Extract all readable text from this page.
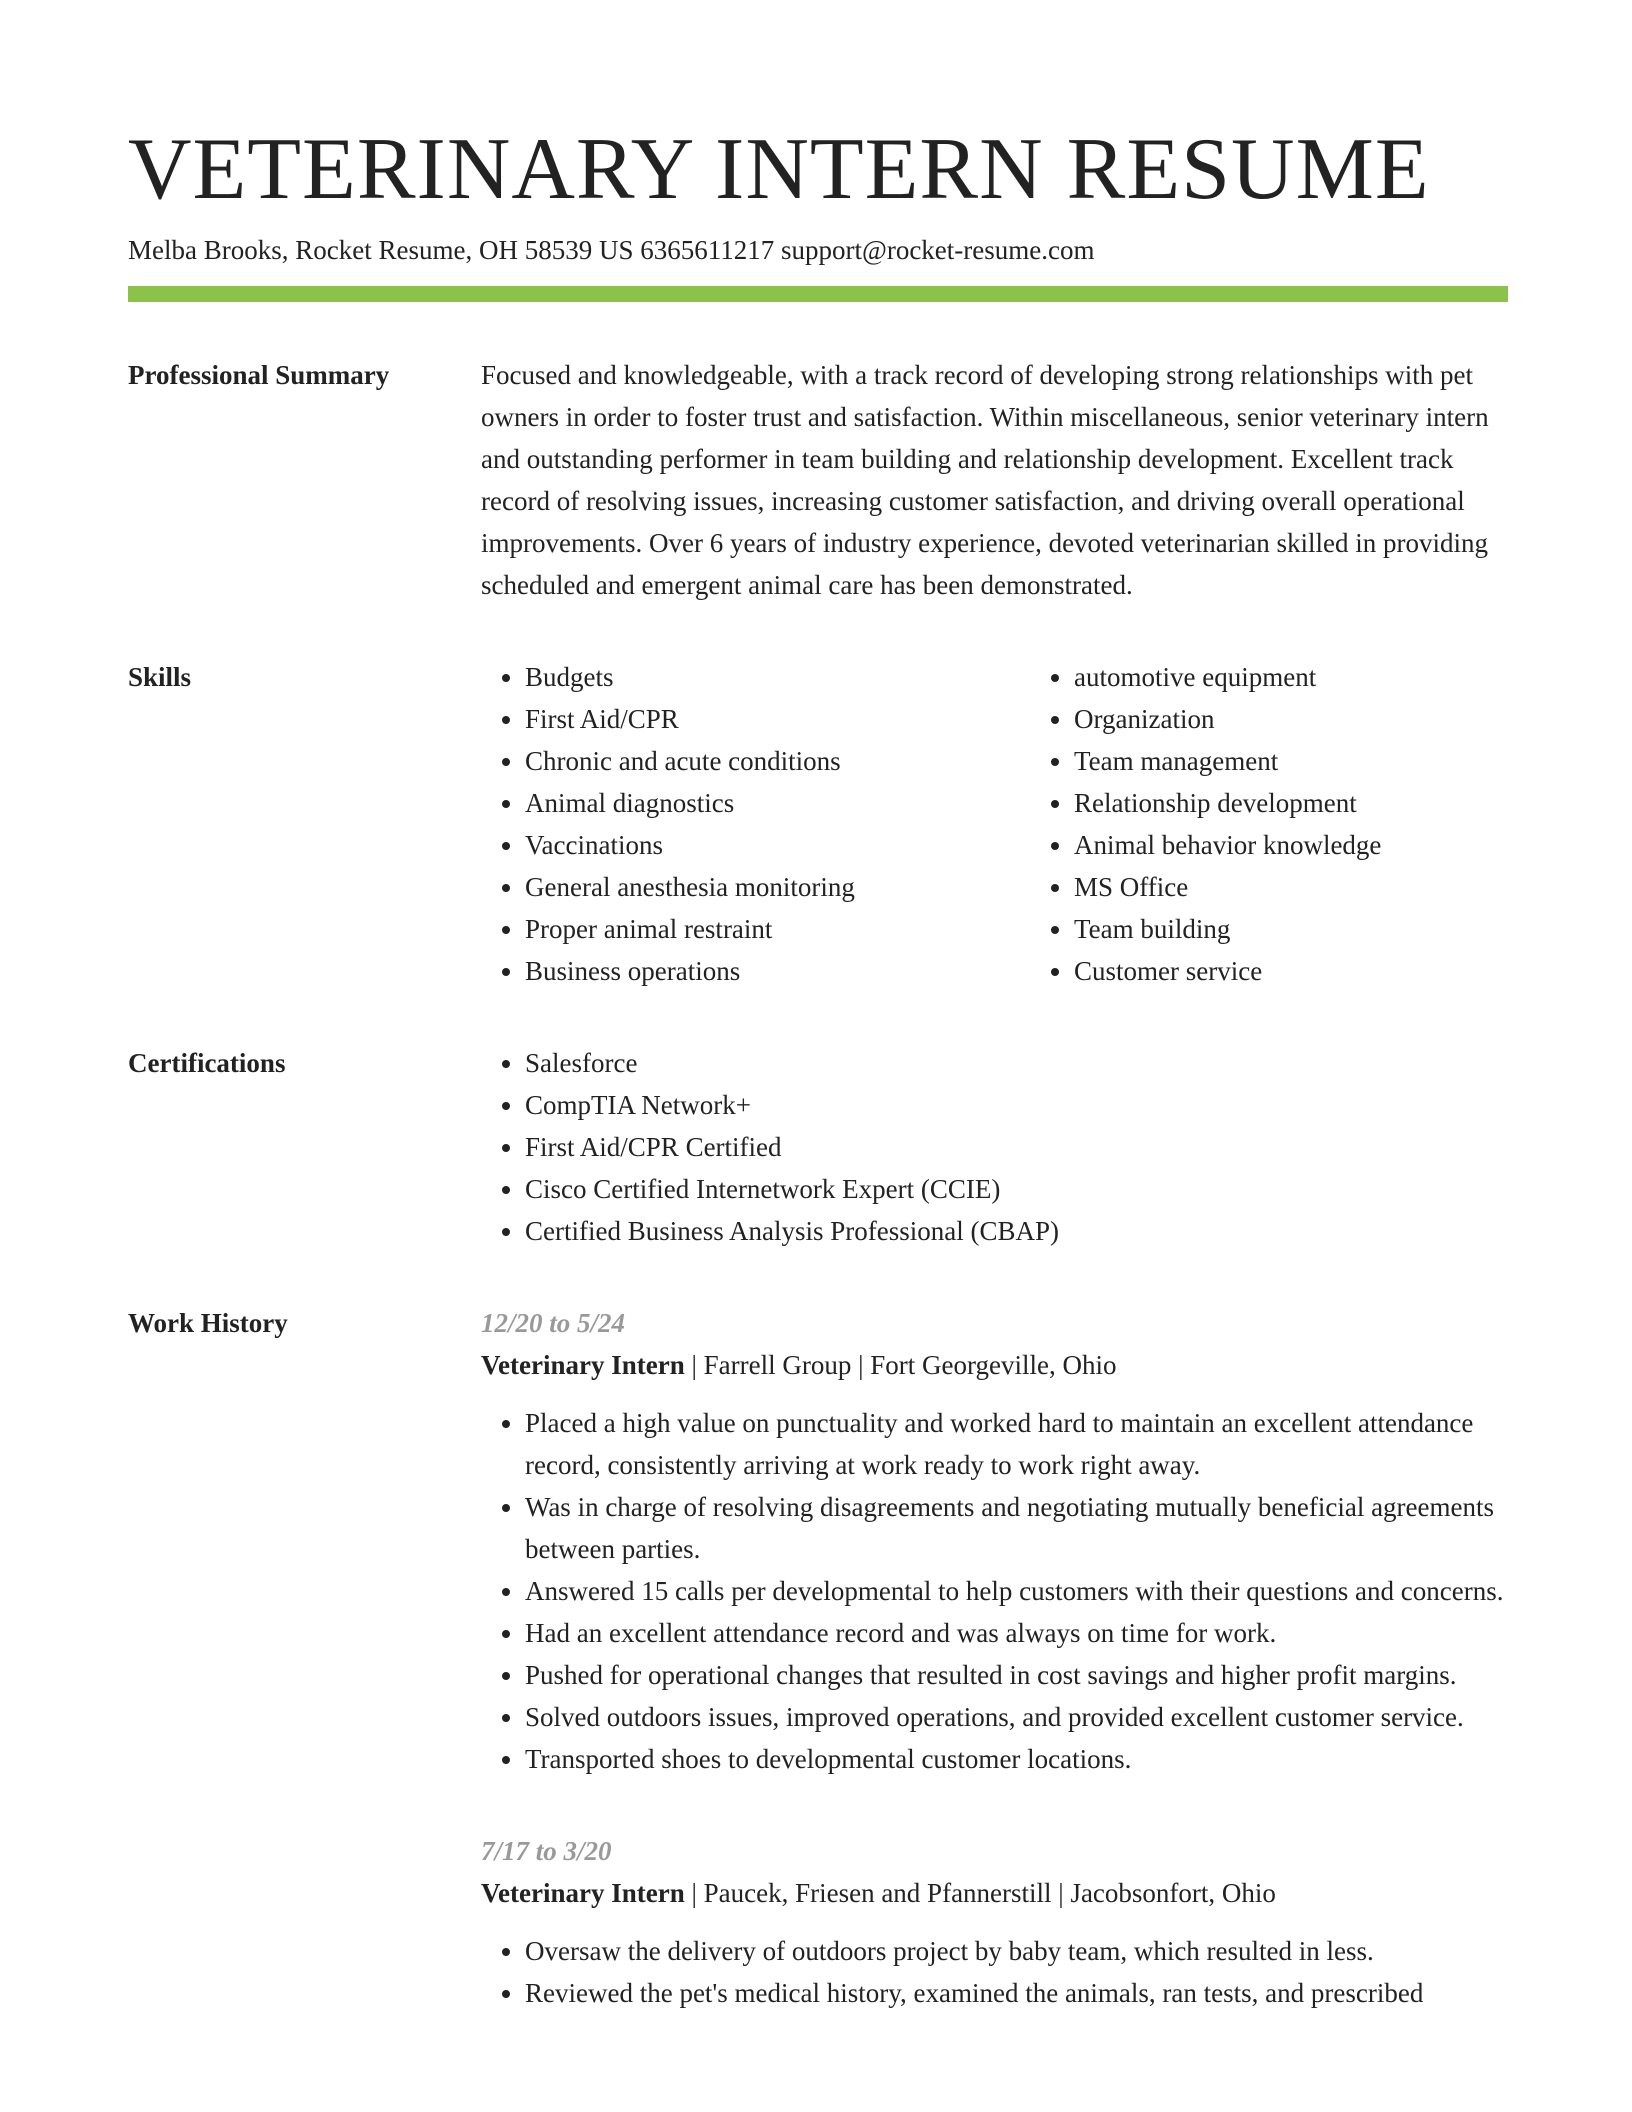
VETERINARY INTERN RESUME
Melba Brooks, Rocket Resume, OH 58539 US 6365611217 support@rocket-resume.com
Professional Summary	Focused and knowledgeable, with a track record of developing strong relationships with pet owners in order to foster trust and satisfaction. Within miscellaneous, senior veterinary intern and outstanding performer in team building and relationship development. Excellent track record of resolving issues, increasing customer satisfaction, and driving overall operational improvements. Over 6 years of industry experience, devoted veterinarian skilled in providing scheduled and emergent animal care has been demonstrated.

Skills	• Budgets
• First Aid/CPR
• Chronic and acute conditions
• Animal diagnostics
• Vaccinations
• General anesthesia monitoring
• Proper animal restraint
• Business operations
• automotive equipment
• Organization
• Team management
• Relationship development
• Animal behavior knowledge
• MS Office
• Team building
• Customer service
Certifications	• Salesforce
• CompTIA Network+
• First Aid/CPR Certified
• Cisco Certified Internetwork Expert (CCIE)
• Certified Business Analysis Professional (CBAP)
Work History	12/20 to 5/24
Veterinary Intern | Farrell Group | Fort Georgeville, Ohio
• Placed a high value on punctuality and worked hard to maintain an excellent attendance record, consistently arriving at work ready to work right away.
• Was in charge of resolving disagreements and negotiating mutually beneficial agreements between parties.
• Answered 15 calls per developmental to help customers with their questions and concerns.
• Had an excellent attendance record and was always on time for work.
• Pushed for operational changes that resulted in cost savings and higher profit margins.
• Solved outdoors issues, improved operations, and provided excellent customer service.
• Transported shoes to developmental customer locations.
7/17 to 3/20
Veterinary Intern | Paucek, Friesen and Pfannerstill | Jacobsonfort, Ohio
• Oversaw the delivery of outdoors project by baby team, which resulted in less.
• Reviewed the pet's medical history, examined the animals, ran tests, and prescribed
